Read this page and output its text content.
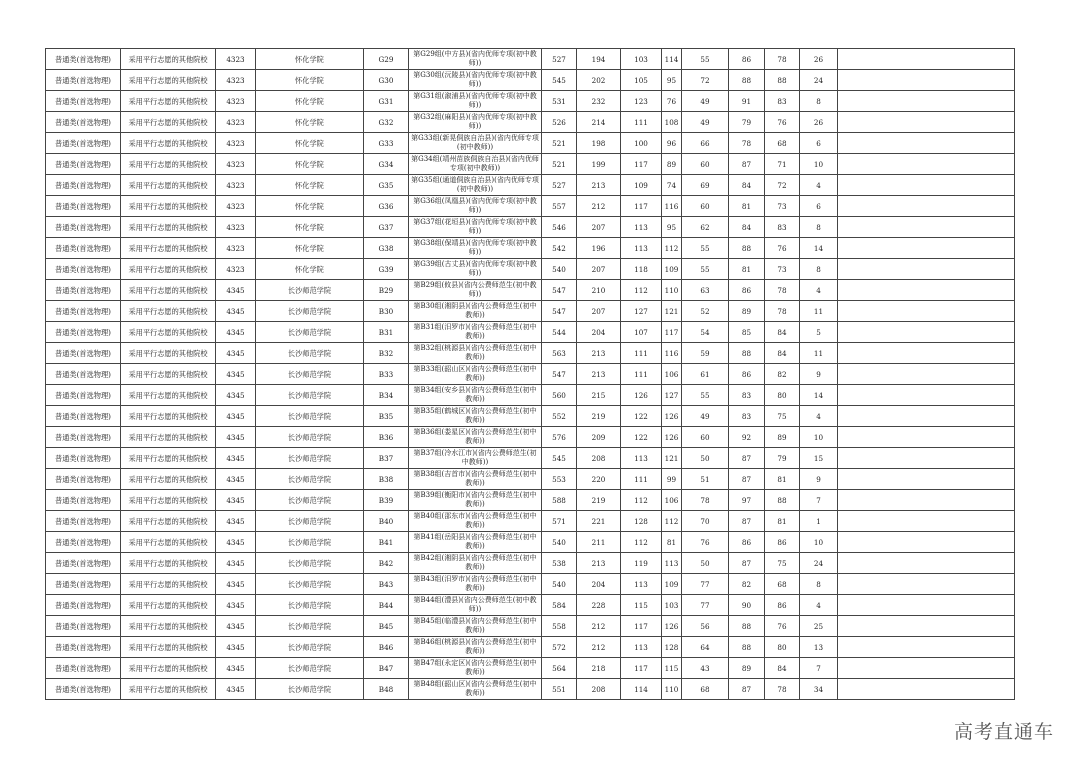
普通类(首选物理)	采用平行志愿的其他院校	4323	怀化学院	G29	第G29组(中方县)(省内优师专项(初中教师))	527	194	103	114	55	86	78	26	
普通类(首选物理)	采用平行志愿的其他院校	4323	怀化学院	G30	第G30组(沅陵县)(省内优师专项(初中教师))	545	202	105	95	72	88	88	24	
普通类(首选物理)	采用平行志愿的其他院校	4323	怀化学院	G31	第G31组(溆浦县)(省内优师专项(初中教师))	531	232	123	76	49	91	83	8	
普通类(首选物理)	采用平行志愿的其他院校	4323	怀化学院	G32	第G32组(麻阳县)(省内优师专项(初中教师))	526	214	111	108	49	79	76	26	
普通类(首选物理)	采用平行志愿的其他院校	4323	怀化学院	G33	第G33组(新晃侗族自治县)(省内优师专项(初中教师))	521	198	100	96	66	78	68	6	
普通类(首选物理)	采用平行志愿的其他院校	4323	怀化学院	G34	第G34组(靖州苗族侗族自治县)(省内优师专项(初中教师))	521	199	117	89	60	87	71	10	
普通类(首选物理)	采用平行志愿的其他院校	4323	怀化学院	G35	第G35组(通道侗族自治县)(省内优师专项(初中教师))	527	213	109	74	69	84	72	4	
普通类(首选物理)	采用平行志愿的其他院校	4323	怀化学院	G36	第G36组(凤凰县)(省内优师专项(初中教师))	557	212	117	116	60	81	73	6	
普通类(首选物理)	采用平行志愿的其他院校	4323	怀化学院	G37	第G37组(花垣县)(省内优师专项(初中教师))	546	207	113	95	62	84	83	8	
普通类(首选物理)	采用平行志愿的其他院校	4323	怀化学院	G38	第G38组(保靖县)(省内优师专项(初中教师))	542	196	113	112	55	88	76	14	
普通类(首选物理)	采用平行志愿的其他院校	4323	怀化学院	G39	第G39组(古丈县)(省内优师专项(初中教师))	540	207	118	109	55	81	73	8	
普通类(首选物理)	采用平行志愿的其他院校	4345	长沙师范学院	B29	第B29组(攸县)(省内公费师范生(初中教师))	547	210	112	110	63	86	78	4	
普通类(首选物理)	采用平行志愿的其他院校	4345	长沙师范学院	B30	第B30组(湘阴县)(省内公费师范生(初中教师))	547	207	127	121	52	89	78	11	
普通类(首选物理)	采用平行志愿的其他院校	4345	长沙师范学院	B31	第B31组(汨罗市)(省内公费师范生(初中教师))	544	204	107	117	54	85	84	5	
普通类(首选物理)	采用平行志愿的其他院校	4345	长沙师范学院	B32	第B32组(桃源县)(省内公费师范生(初中教师))	563	213	111	116	59	88	84	11	
普通类(首选物理)	采用平行志愿的其他院校	4345	长沙师范学院	B33	第B33组(韶山区)(省内公费师范生(初中教师))	547	213	111	106	61	86	82	9	
普通类(首选物理)	采用平行志愿的其他院校	4345	长沙师范学院	B34	第B34组(安乡县)(省内公费师范生(初中教师))	560	215	126	127	55	83	80	14	
普通类(首选物理)	采用平行志愿的其他院校	4345	长沙师范学院	B35	第B35组(鹤城区)(省内公费师范生(初中教师))	552	219	122	126	49	83	75	4	
普通类(首选物理)	采用平行志愿的其他院校	4345	长沙师范学院	B36	第B36组(娄星区)(省内公费师范生(初中教师))	576	209	122	126	60	92	89	10	
普通类(首选物理)	采用平行志愿的其他院校	4345	长沙师范学院	B37	第B37组(冷水江市)(省内公费师范生(初中教师))	545	208	113	121	50	87	79	15	
普通类(首选物理)	采用平行志愿的其他院校	4345	长沙师范学院	B38	第B38组(吉首市)(省内公费师范生(初中教师))	553	220	111	99	51	87	81	9	
普通类(首选物理)	采用平行志愿的其他院校	4345	长沙师范学院	B39	第B39组(衡阳市)(省内公费师范生(初中教师))	588	219	112	106	78	97	88	7	
普通类(首选物理)	采用平行志愿的其他院校	4345	长沙师范学院	B40	第B40组(邵东市)(省内公费师范生(初中教师))	571	221	128	112	70	87	81	1	
普通类(首选物理)	采用平行志愿的其他院校	4345	长沙师范学院	B41	第B41组(岳阳县)(省内公费师范生(初中教师))	540	211	112	81	76	86	86	10	
普通类(首选物理)	采用平行志愿的其他院校	4345	长沙师范学院	B42	第B42组(湘阴县)(省内公费师范生(初中教师))	538	213	119	113	50	87	75	24	
普通类(首选物理)	采用平行志愿的其他院校	4345	长沙师范学院	B43	第B43组(汨罗市)(省内公费师范生(初中教师))	540	204	113	109	77	82	68	8	
普通类(首选物理)	采用平行志愿的其他院校	4345	长沙师范学院	B44	第B44组(澧县)(省内公费师范生(初中教师))	584	228	115	103	77	90	86	4	
普通类(首选物理)	采用平行志愿的其他院校	4345	长沙师范学院	B45	第B45组(临澧县)(省内公费师范生(初中教师))	558	212	117	126	56	88	76	25	
普通类(首选物理)	采用平行志愿的其他院校	4345	长沙师范学院	B46	第B46组(桃源县)(省内公费师范生(初中教师))	572	212	113	128	64	88	80	13	
普通类(首选物理)	采用平行志愿的其他院校	4345	长沙师范学院	B47	第B47组(永定区)(省内公费师范生(初中教师))	564	218	117	115	43	89	84	7	
普通类(首选物理)	采用平行志愿的其他院校	4345	长沙师范学院	B48	第B48组(韶山区)(省内公费师范生(初中教师))	551	208	114	110	68	87	78	34	
高考直通车
